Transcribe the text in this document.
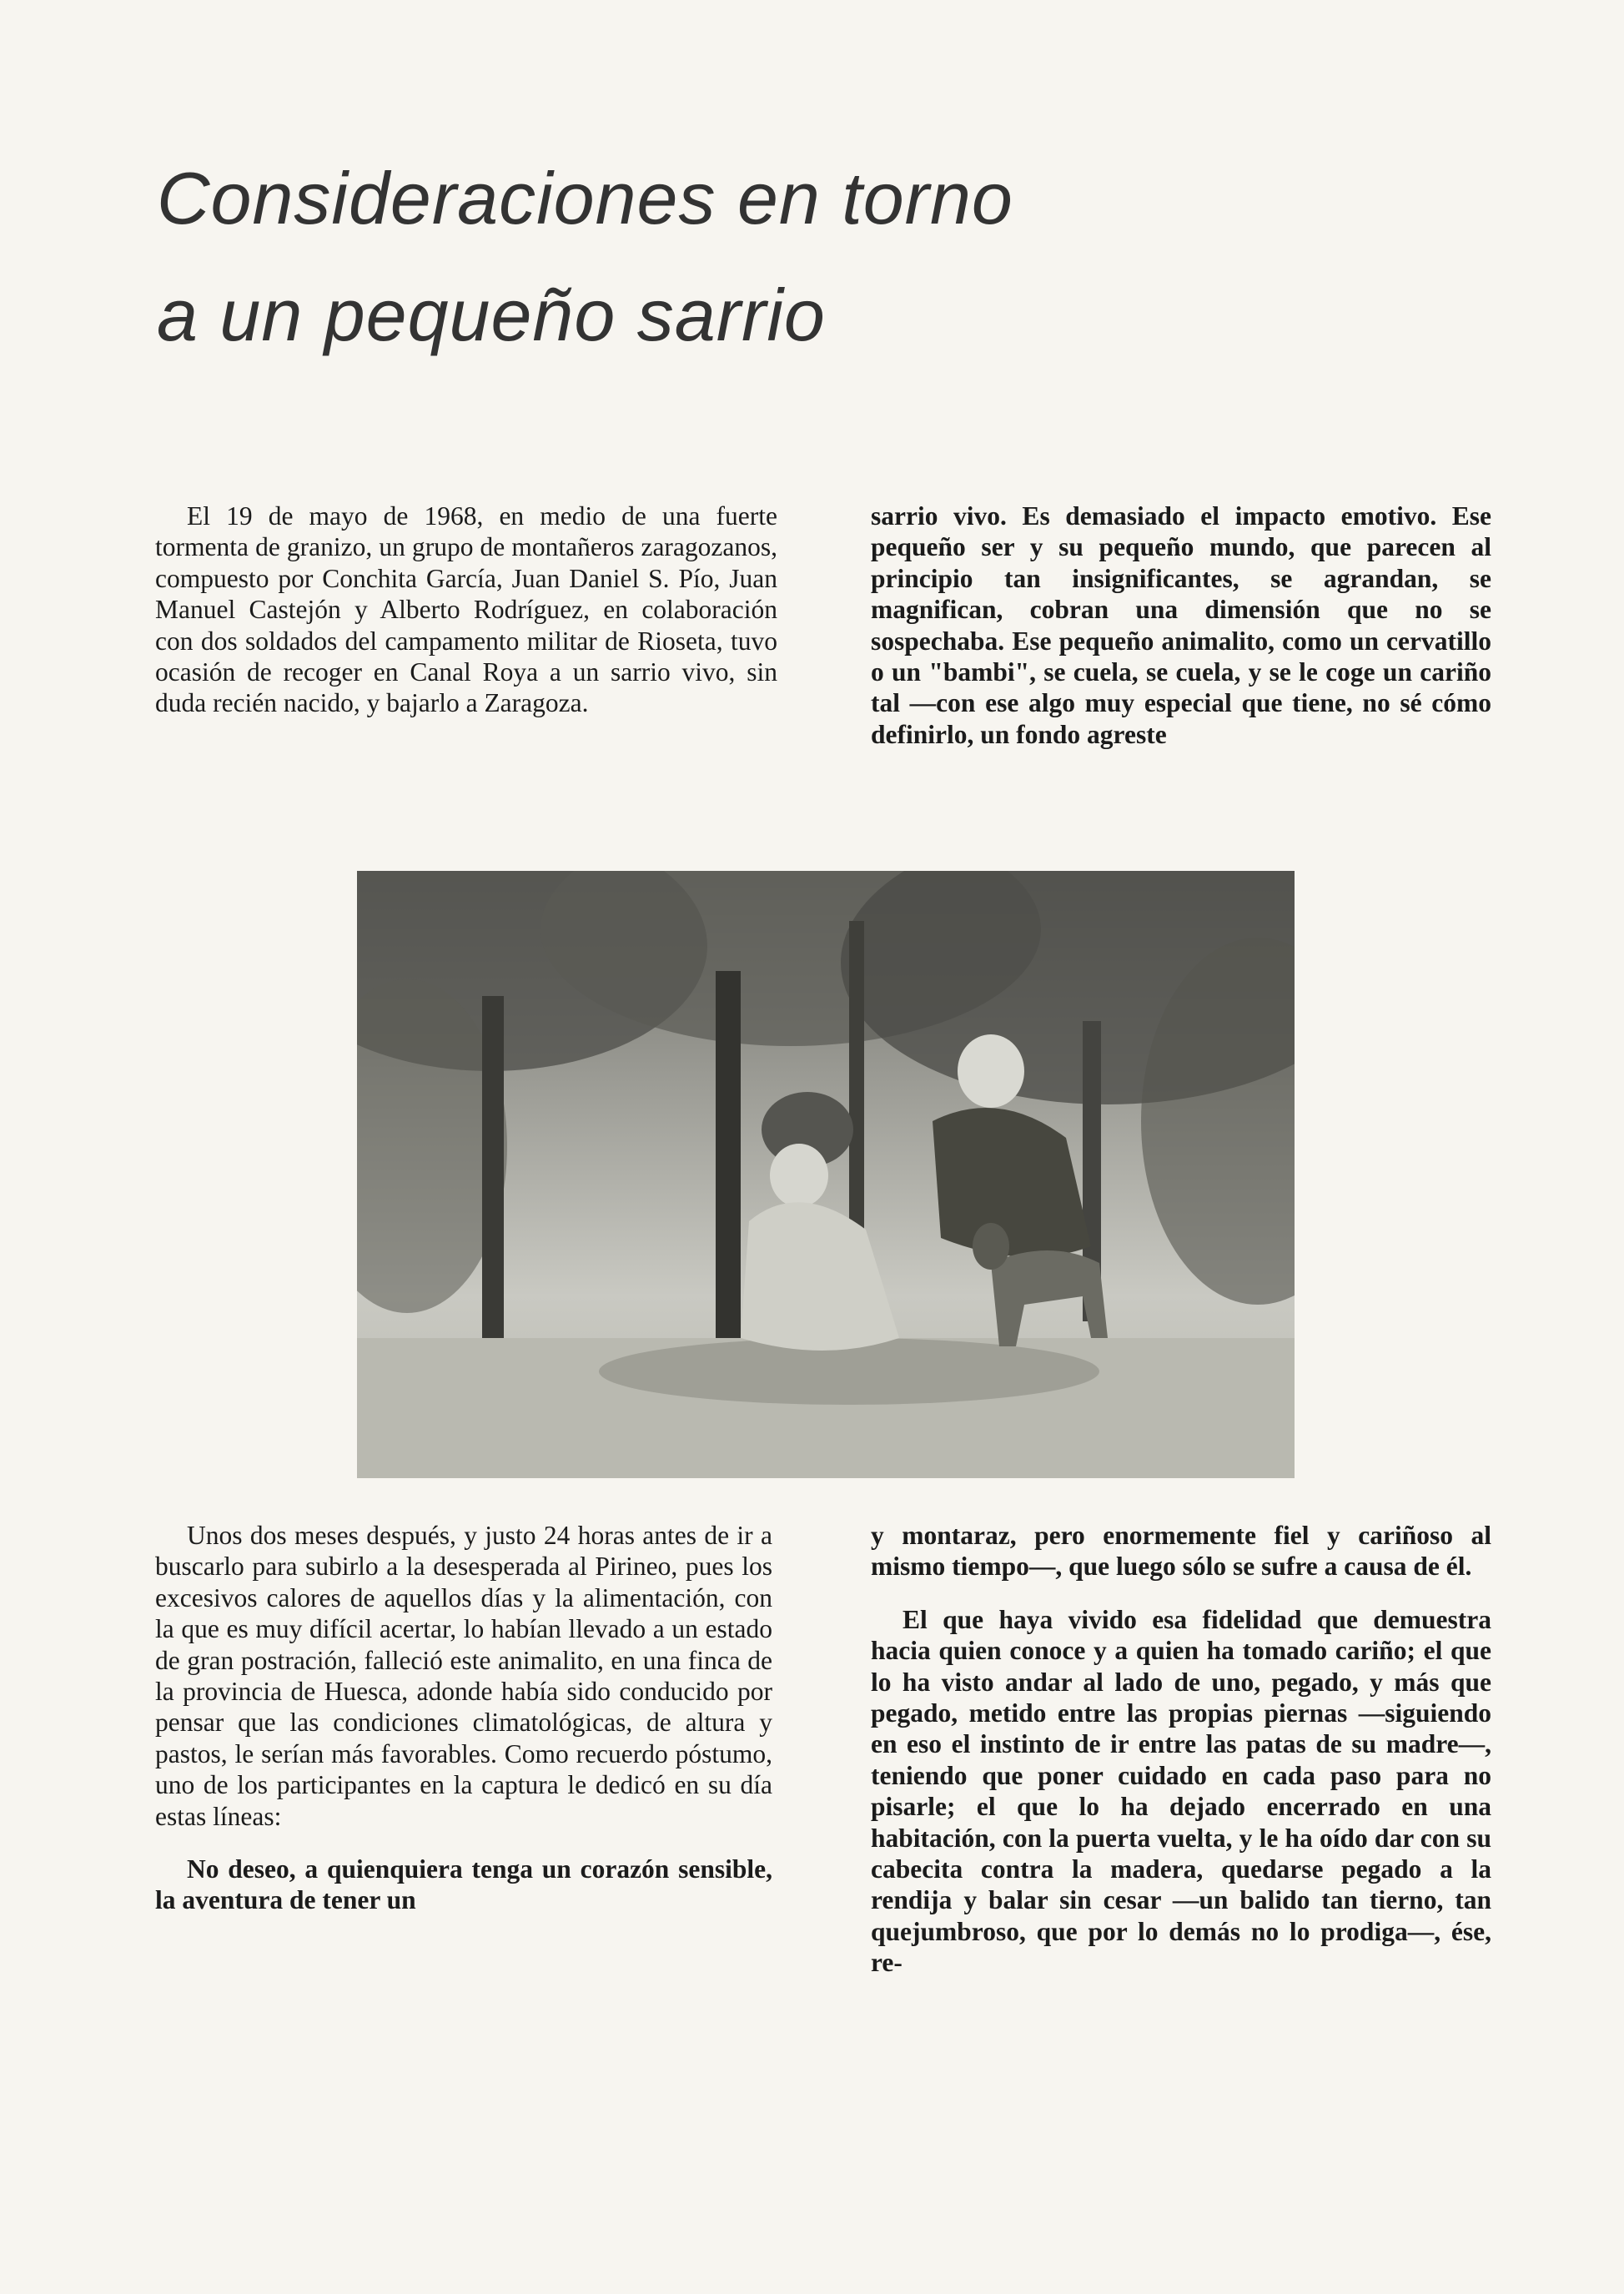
Consideraciones en torno
a un pequeño sarrio

El 19 de mayo de 1968, en medio de una fuerte tormenta de granizo, un grupo de montañeros zaragozanos, compuesto por Conchita García, Juan Daniel S. Pío, Juan Manuel Castejón y Alberto Rodríguez, en colaboración con dos soldados del campamento militar de Rioseta, tuvo ocasión de recoger en Canal Roya a un sarrio vivo, sin duda recién nacido, y bajarlo a Zaragoza.

sarrio vivo. Es demasiado el impacto emotivo. Ese pequeño ser y su pequeño mundo, que parecen al principio tan insignificantes, se agrandan, se magnifican, cobran una dimensión que no se sospechaba. Ese pequeño animalito, como un cervatillo o un "bambi", se cuela, se cuela, y se le coge un cariño tal —con ese algo muy especial que tiene, no sé cómo definirlo, un fondo agreste

Unos dos meses después, y justo 24 horas antes de ir a buscarlo para subirlo a la desesperada al Pirineo, pues los excesivos calores de aquellos días y la alimentación, con la que es muy difícil acertar, lo habían llevado a un estado de gran postración, falleció este animalito, en una finca de la provincia de Huesca, adonde había sido conducido por pensar que las condiciones climatológicas, de altura y pastos, le serían más favorables. Como recuerdo póstumo, uno de los participantes en la captura le dedicó en su día estas líneas:

No deseo, a quienquiera tenga un corazón sensible, la aventura de tener un

y montaraz, pero enormemente fiel y cariñoso al mismo tiempo—, que luego sólo se sufre a causa de él.

El que haya vivido esa fidelidad que demuestra hacia quien conoce y a quien ha tomado cariño; el que lo ha visto andar al lado de uno, pegado, y más que pegado, metido entre las propias piernas —siguiendo en eso el instinto de ir entre las patas de su madre—, teniendo que poner cuidado en cada paso para no pisarle; el que lo ha dejado encerrado en una habitación, con la puerta vuelta, y le ha oído dar con su cabecita contra la madera, quedarse pegado a la rendija y balar sin cesar —un balido tan tierno, tan quejumbroso, que por lo demás no lo prodiga—, ése, re-
